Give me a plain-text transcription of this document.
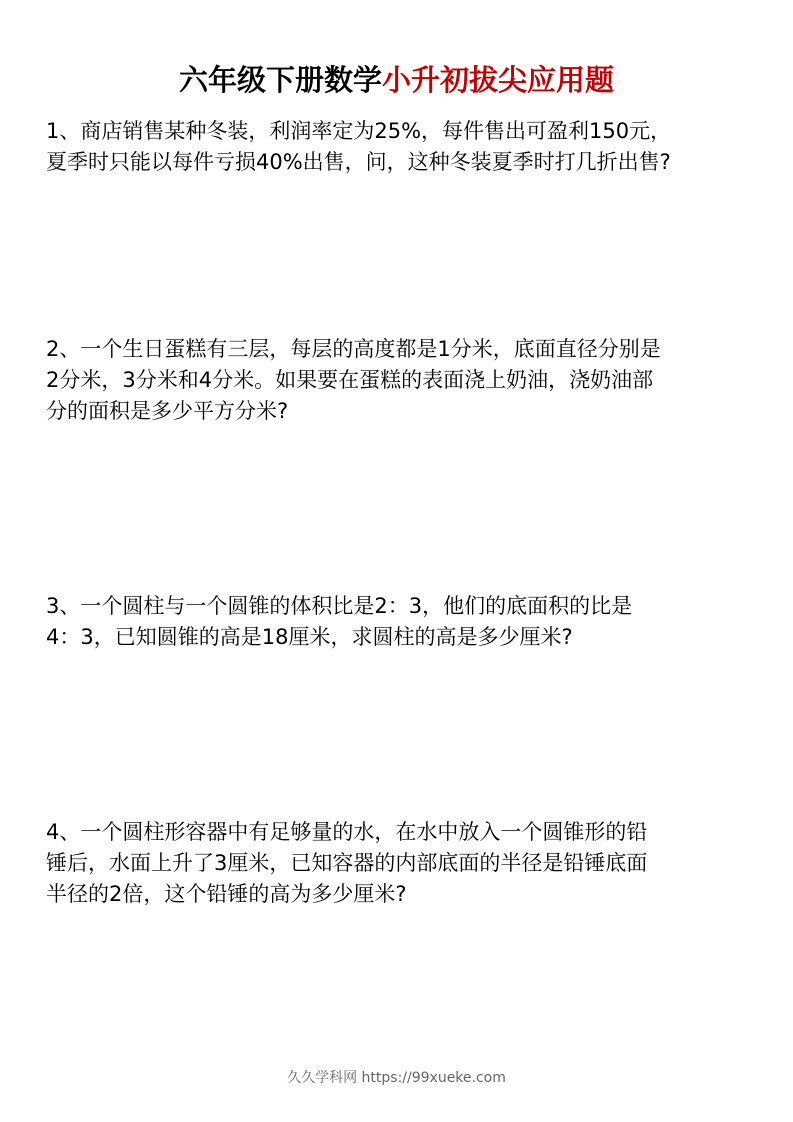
六年级下册数学小升初拔尖应用题
1、商店销售某种冬装，利润率定为25%，每件售出可盈利150元，
夏季时只能以每件亏损40%出售，问，这种冬装夏季时打几折出售?
2、一个生日蛋糕有三层，每层的高度都是1分米，底面直径分别是
2分米，3分米和4分米。如果要在蛋糕的表面浇上奶油，浇奶油部
分的面积是多少平方分米?
3、一个圆柱与一个圆锥的体积比是2：3，他们的底面积的比是
4：3，已知圆锥的高是18厘米，求圆柱的高是多少厘米?
4、一个圆柱形容器中有足够量的水，在水中放入一个圆锥形的铅
锤后，水面上升了3厘米，已知容器的内部底面的半径是铅锤底面
半径的2倍，这个铅锤的高为多少厘米?
久久学科网 https://99xueke.com
